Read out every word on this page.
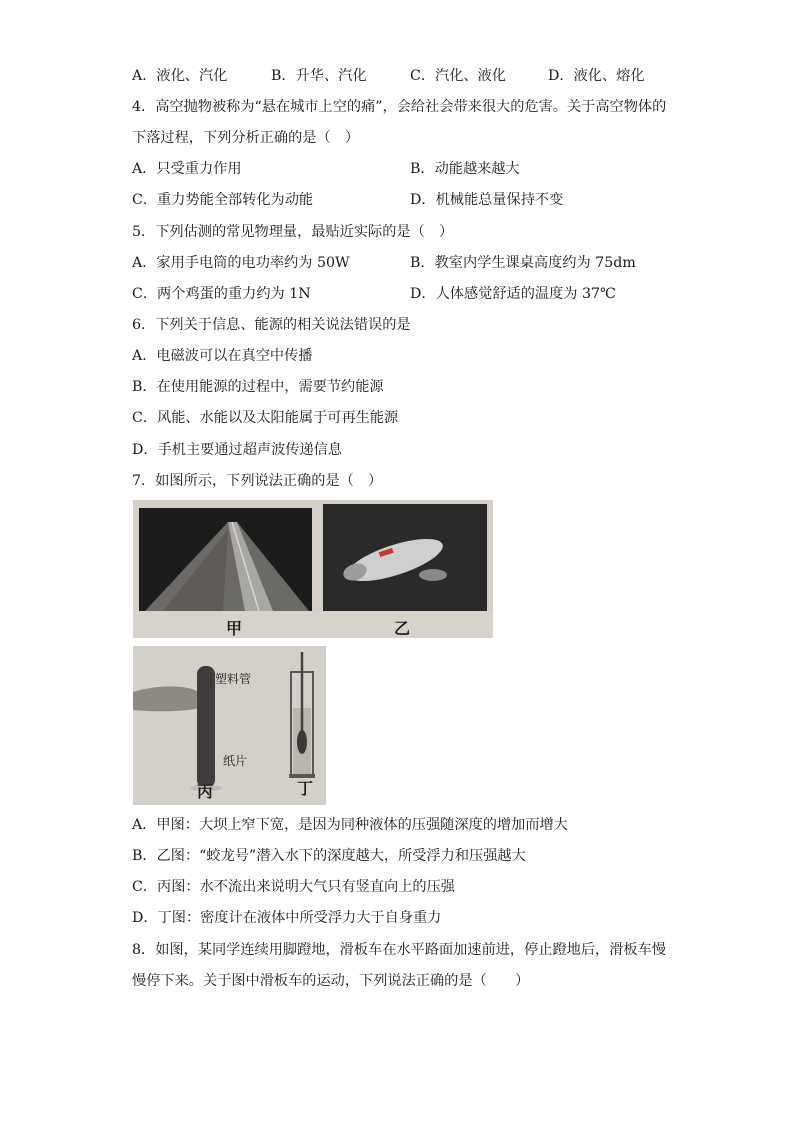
A．液化、汽化	B．升华、汽化	C．汽化、液化	D．液化、熔化
4．高空抛物被称为“悬在城市上空的痛”，会给社会带来很大的危害。关于高空物体的
下落过程，下列分析正确的是（　）
A．只受重力作用	B．动能越来越大
C．重力势能全部转化为动能	D．机械能总量保持不变
5．下列估测的常见物理量，最贴近实际的是（　）
A．家用手电筒的电功率约为 50W	B．教室内学生课桌高度约为 75dm
C．两个鸡蛋的重力约为 1N	D．人体感觉舒适的温度为 37℃
6．下列关于信息、能源的相关说法错误的是
A．电磁波可以在真空中传播
B．在使用能源的过程中，需要节约能源
C．风能、水能以及太阳能属于可再生能源
D．手机主要通过超声波传递信息
7．如图所示，下列说法正确的是（　）
甲	乙
塑料管
纸片
丙	丁
A．甲图：大坝上窄下宽，是因为同种液体的压强随深度的增加而增大
B．乙图：“蛟龙号”潜入水下的深度越大，所受浮力和压强越大
C．丙图：水不流出来说明大气只有竖直向上的压强
D．丁图：密度计在液体中所受浮力大于自身重力
8．如图，某同学连续用脚蹬地，滑板车在水平路面加速前进，停止蹬地后，滑板车慢
慢停下来。关于图中滑板车的运动，下列说法正确的是（　　）
